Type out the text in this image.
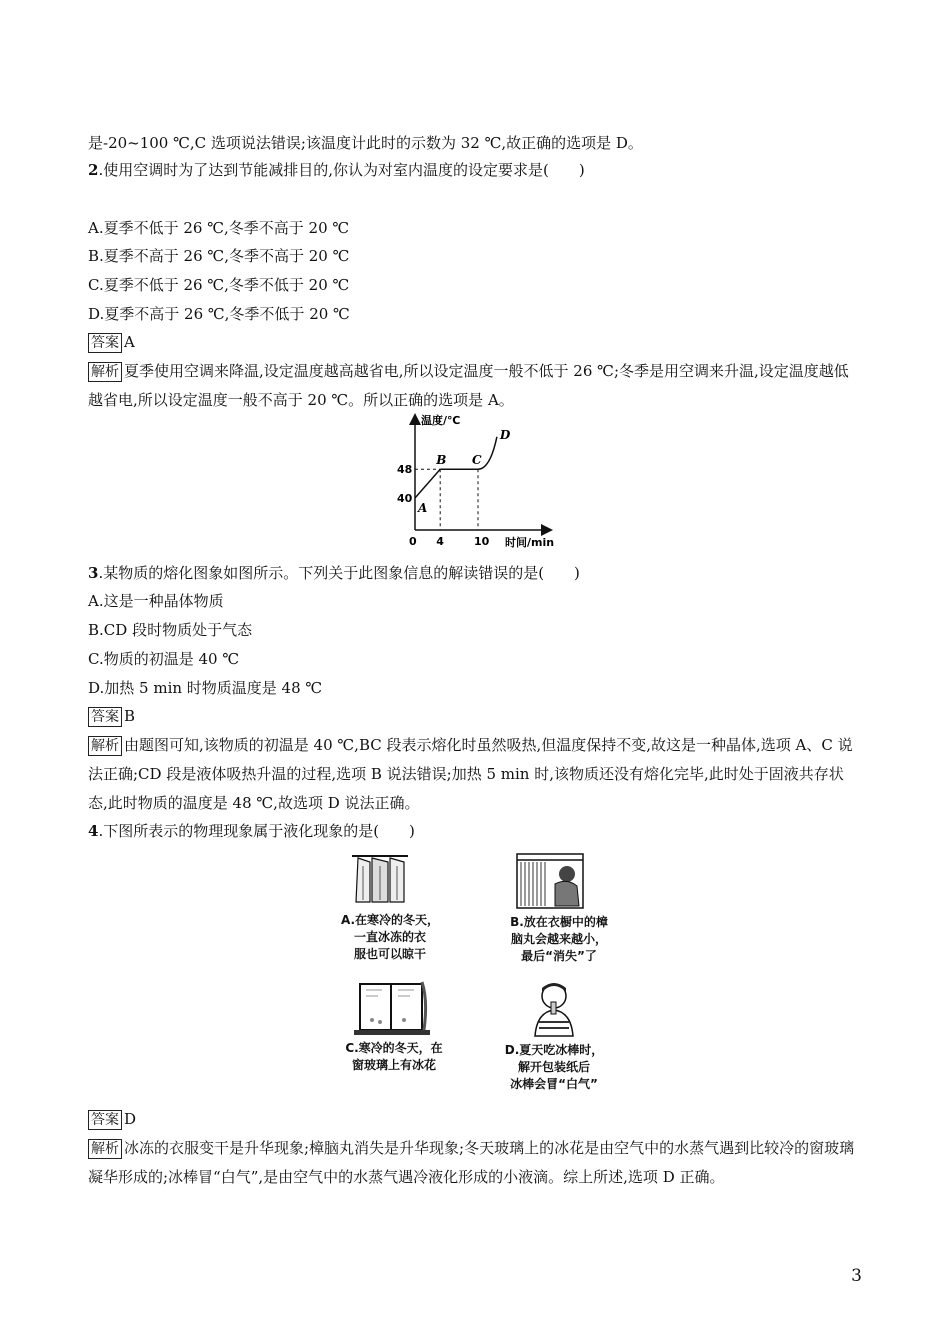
是-20~100 ℃,C 选项说法错误;该温度计此时的示数为 32 ℃,故正确的选项是 D。
2.使用空调时为了达到节能减排目的,你认为对室内温度的设定要求是(　　)
A.夏季不低于 26 ℃,冬季不高于 20 ℃
B.夏季不高于 26 ℃,冬季不高于 20 ℃
C.夏季不低于 26 ℃,冬季不低于 20 ℃
D.夏季不高于 26 ℃,冬季不低于 20 ℃
答案 A
解析 夏季使用空调来降温,设定温度越高越省电,所以设定温度一般不低于 26 ℃;冬季是用空调来升温,设定温度越低越省电,所以设定温度一般不高于 20 ℃。所以正确的选项是 A。
温度/℃
时间/min
0
40
48
4	10
A
B C
D
3.某物质的熔化图象如图所示。下列关于此图象信息的解读错误的是(　　)
A.这是一种晶体物质
B.CD 段时物质处于气态
C.物质的初温是 40 ℃
D.加热 5 min 时物质温度是 48 ℃
答案 B
解析 由题图可知,该物质的初温是 40 ℃,BC 段表示熔化时虽然吸热,但温度保持不变,故这是一种晶体,选项 A、C 说法正确;CD 段是液体吸热升温的过程,选项 B 说法错误;加热 5 min 时,该物质还没有熔化完毕,此时处于固液共存状态,此时物质的温度是 48 ℃,故选项 D 说法正确。
4.下图所表示的物理现象属于液化现象的是(　　)
A.在寒冷的冬天，
一直冰冻的衣
服也可以晾干
B.放在衣橱中的樟
脑丸会越来越小，
最后“消失”了
C.寒冷的冬天，在
窗玻璃上有冰花
D.夏天吃冰棒时，
解开包装纸后
冰棒会冒“白气”
答案 D
解析 冰冻的衣服变干是升华现象;樟脑丸消失是升华现象;冬天玻璃上的冰花是由空气中的水蒸气遇到比较冷的窗玻璃凝华形成的;冰棒冒“白气”,是由空气中的水蒸气遇冷液化形成的小液滴。综上所述,选项 D 正确。
3
